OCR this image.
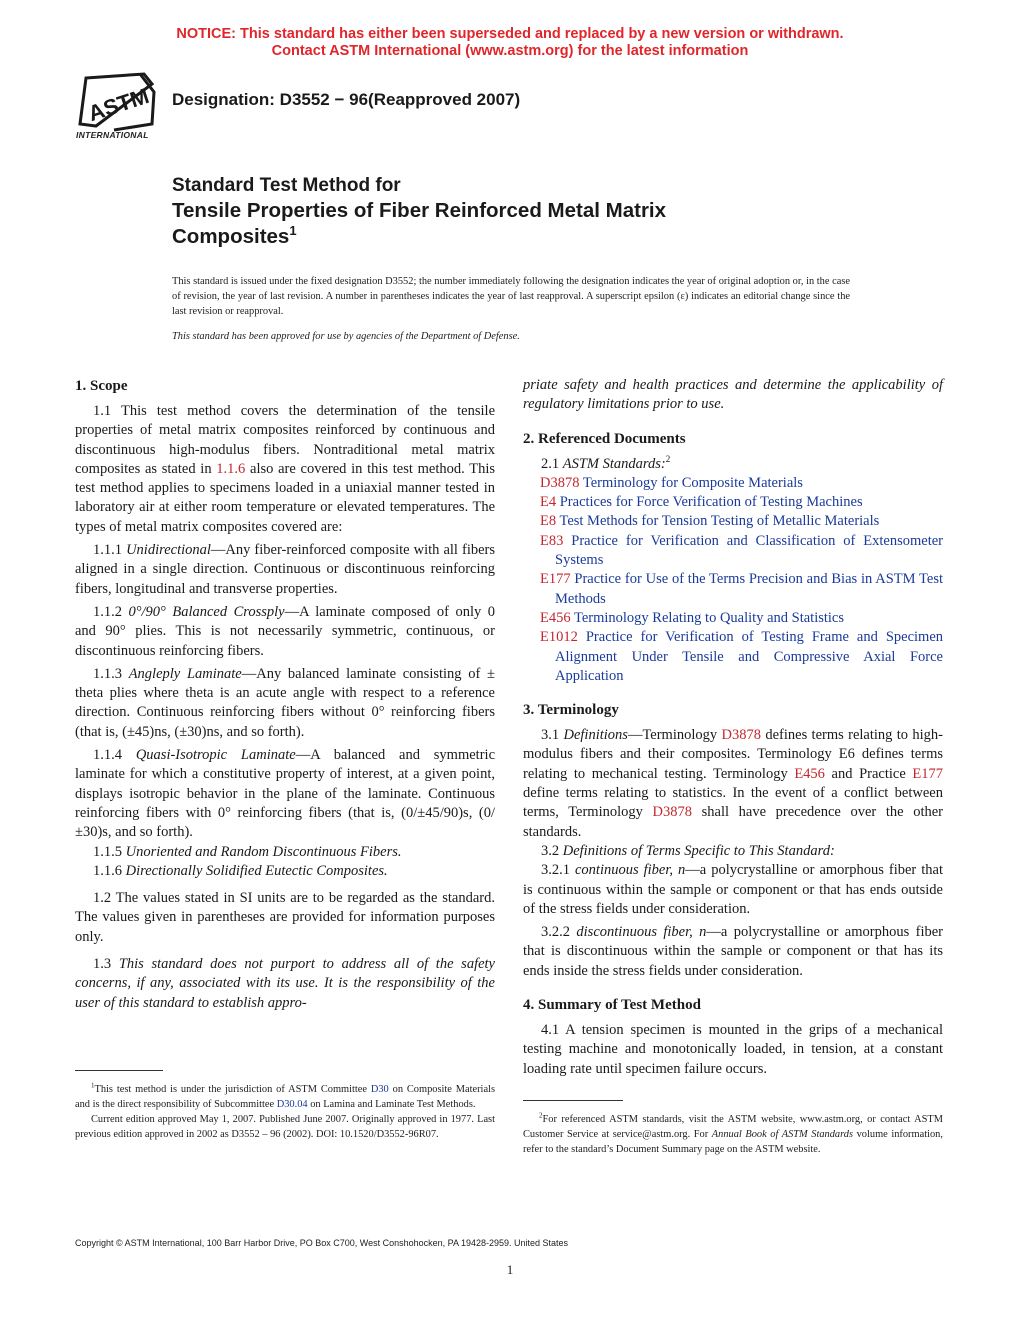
NOTICE: This standard has either been superseded and replaced by a new version or withdrawn.
Contact ASTM International (www.astm.org) for the latest information
ASTM
INTERNATIONAL
Designation: D3552 − 96(Reapproved 2007)
Standard Test Method for
Tensile Properties of Fiber Reinforced Metal Matrix
Composites$^1$
This standard is issued under the fixed designation D3552; the number immediately following the designation indicates the year of original adoption or, in the case of revision, the year of last revision. A number in parentheses indicates the year of last reapproval. A superscript epsilon (ε) indicates an editorial change since the last revision or reapproval.
This standard has been approved for use by agencies of the Department of Defense.
1. Scope
1.1 This test method covers the determination of the tensile properties of metal matrix composites reinforced by continuous and discontinuous high-modulus fibers. Nontraditional metal matrix composites as stated in 1.1.6 also are covered in this test method. This test method applies to specimens loaded in a uniaxial manner tested in laboratory air at either room temperature or elevated temperatures. The types of metal matrix composites covered are:
1.1.1 Unidirectional—Any fiber-reinforced composite with all fibers aligned in a single direction. Continuous or discontinuous reinforcing fibers, longitudinal and transverse properties.
1.1.2 0°/90° Balanced Crossply—A laminate composed of only 0 and 90° plies. This is not necessarily symmetric, continuous, or discontinuous reinforcing fibers.
1.1.3 Angleply Laminate—Any balanced laminate consisting of ± theta plies where theta is an acute angle with respect to a reference direction. Continuous reinforcing fibers without 0° reinforcing fibers (that is, (±45)ns, (±30)ns, and so forth).
1.1.4 Quasi-Isotropic Laminate—A balanced and symmetric laminate for which a constitutive property of interest, at a given point, displays isotropic behavior in the plane of the laminate. Continuous reinforcing fibers with 0° reinforcing fibers (that is, (0/±45/90)s, (0/±30)s, and so forth).
1.1.5 Unoriented and Random Discontinuous Fibers.
1.1.6 Directionally Solidified Eutectic Composites.
1.2 The values stated in SI units are to be regarded as the standard. The values given in parentheses are provided for information purposes only.
1.3 This standard does not purport to address all of the safety concerns, if any, associated with its use. It is the responsibility of the user of this standard to establish appro-
priate safety and health practices and determine the applicability of regulatory limitations prior to use.
2. Referenced Documents
2.1 ASTM Standards:$^2$
D3878 Terminology for Composite Materials
E4 Practices for Force Verification of Testing Machines
E8 Test Methods for Tension Testing of Metallic Materials
E83 Practice for Verification and Classification of Extensometer Systems
E177 Practice for Use of the Terms Precision and Bias in ASTM Test Methods
E456 Terminology Relating to Quality and Statistics
E1012 Practice for Verification of Testing Frame and Specimen Alignment Under Tensile and Compressive Axial Force Application
3. Terminology
3.1 Definitions—Terminology D3878 defines terms relating to high-modulus fibers and their composites. Terminology E6 defines terms relating to mechanical testing. Terminology E456 and Practice E177 define terms relating to statistics. In the event of a conflict between terms, Terminology D3878 shall have precedence over the other standards.
3.2 Definitions of Terms Specific to This Standard:
3.2.1 continuous fiber, n—a polycrystalline or amorphous fiber that is continuous within the sample or component or that has ends outside of the stress fields under consideration.
3.2.2 discontinuous fiber, n—a polycrystalline or amorphous fiber that is discontinuous within the sample or component or that has its ends inside the stress fields under consideration.
4. Summary of Test Method
4.1 A tension specimen is mounted in the grips of a mechanical testing machine and monotonically loaded, in tension, at a constant loading rate until specimen failure occurs.
$^1$This test method is under the jurisdiction of ASTM Committee D30 on Composite Materials and is the direct responsibility of Subcommittee D30.04 on Lamina and Laminate Test Methods.
Current edition approved May 1, 2007. Published June 2007. Originally approved in 1977. Last previous edition approved in 2002 as D3552 – 96 (2002). DOI: 10.1520/D3552-96R07.
$^2$For referenced ASTM standards, visit the ASTM website, www.astm.org, or contact ASTM Customer Service at service@astm.org. For Annual Book of ASTM Standards volume information, refer to the standard’s Document Summary page on the ASTM website.
Copyright © ASTM International, 100 Barr Harbor Drive, PO Box C700, West Conshohocken, PA 19428-2959. United States
1
